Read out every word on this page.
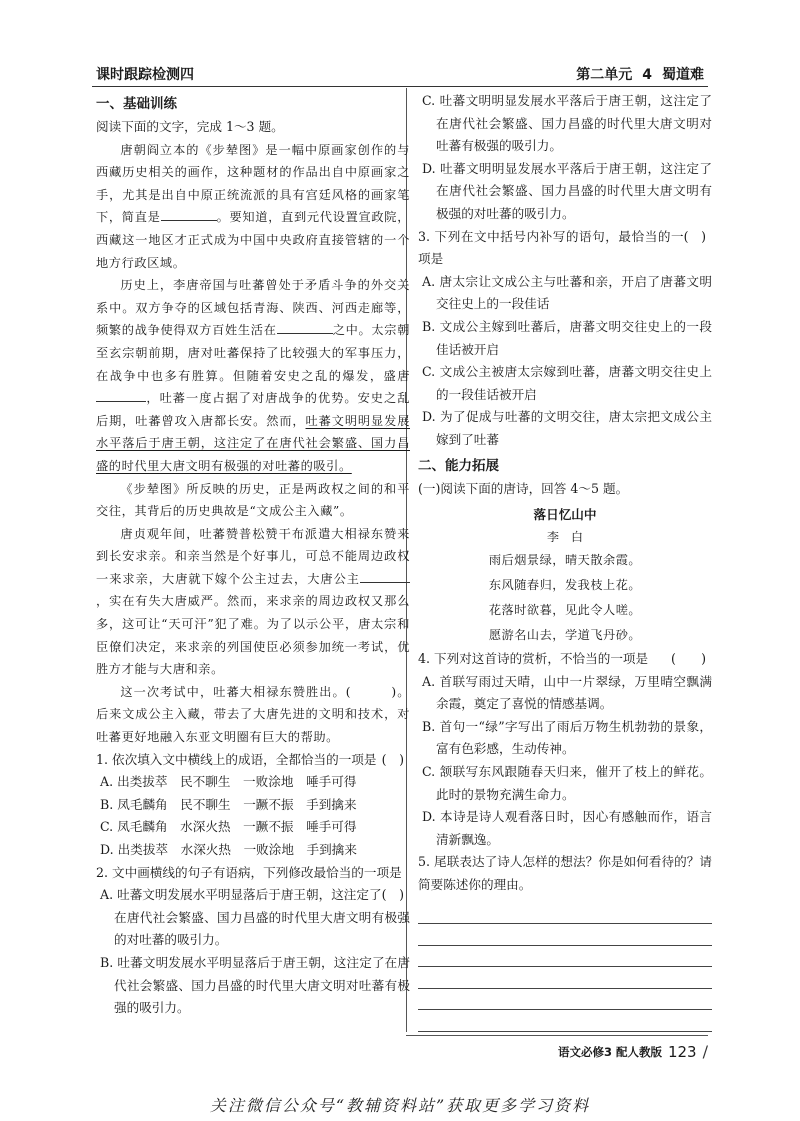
课时跟踪检测四	第二单元 4 蜀道难
一、基础训练

阅读下面的文字，完成 1～3 题。

唐朝阎立本的《步辇图》是一幅中原画家创作的与西藏历史相关的画作，这种题材的作品出自中原画家之手，尤其是出自中原正统流派的具有宫廷风格的画家笔下，简直是	。要知道，直到元代设置宣政院，西藏这一地区才正式成为中国中央政府直接管辖的一个地方行政区域。

历史上，李唐帝国与吐蕃曾处于矛盾斗争的外交关系中。双方争夺的区域包括青海、陕西、河西走廊等，频繁的战争使得双方百姓生活在	之中。太宗朝至玄宗朝前期，唐对吐蕃保持了比较强大的军事压力，在战争中也多有胜算。但随着安史之乱的爆发，盛唐，吐蕃一度占据了对唐战争的优势。安史之乱后期，吐蕃曾攻入唐都长安。然而，吐蕃文明明显发展水平落后于唐王朝，这注定了在唐代社会繁盛、国力昌盛的时代里大唐文明有极强的对吐蕃的吸引。

《步辇图》所反映的历史，正是两政权之间的和平交往，其背后的历史典故是“文成公主入藏”。

唐贞观年间，吐蕃赞普松赞干布派遣大相禄东赞来到长安求亲。和亲当然是个好事儿，可总不能周边政权一来求亲，大唐就下嫁个公主过去，大唐公主，实在有失大唐威严。然而，来求亲的周边政权又那么多，这可让“天可汗”犯了难。为了以示公平，唐太宗和臣僚们决定，来求亲的列国使臣必须参加统一考试，优胜方才能与大唐和亲。

这一次考试中，吐蕃大相禄东赞胜出。(　　　)。后来文成公主入藏，带去了大唐先进的文明和技术，对吐蕃更好地融入东亚文明圈有巨大的帮助。

(　)
1. 依次填入文中横线上的成语，全都恰当的一项是

A. 出类拔萃　民不聊生　一败涂地　唾手可得

B. 凤毛麟角　民不聊生　一蹶不振　手到擒来

C. 凤毛麟角　水深火热　一蹶不振　唾手可得

D. 出类拔萃　水深火热　一败涂地　手到擒来

2. 文中画横线的句子有语病，下列修改最恰当的一项是
(　)

A. 吐蕃文明发展水平明显落后于唐王朝，这注定了在唐代社会繁盛、国力昌盛的时代里大唐文明有极强的对吐蕃的吸引力。

B. 吐蕃文明发展水平明显落后于唐王朝，这注定了在唐代社会繁盛、国力昌盛的时代里大唐文明对吐蕃有极强的吸引力。

C. 吐蕃文明明显发展水平落后于唐王朝，这注定了在唐代社会繁盛、国力昌盛的时代里大唐文明对吐蕃有极强的吸引力。

D. 吐蕃文明明显发展水平落后于唐王朝，这注定了在唐代社会繁盛、国力昌盛的时代里大唐文明有极强的对吐蕃的吸引力。

(　)
3. 下列在文中括号内补写的语句，最恰当的一项是

A. 唐太宗让文成公主与吐蕃和亲，开启了唐蕃文明交往史上的一段佳话

B. 文成公主嫁到吐蕃后，唐蕃文明交往史上的一段佳话被开启

C. 文成公主被唐太宗嫁到吐蕃，唐蕃文明交往史上的一段佳话被开启

D. 为了促成与吐蕃的文明交往，唐太宗把文成公主嫁到了吐蕃

二、能力拓展

(一)阅读下面的唐诗，回答 4～5 题。

落日忆山中
李　白
雨后烟景绿，晴天散余霞。
东风随春归，发我枝上花。
花落时欲暮，见此令人嗟。
愿游名山去，学道飞丹砂。

(　　)
4. 下列对这首诗的赏析，不恰当的一项是

A. 首联写雨过天晴，山中一片翠绿，万里晴空飘满余霞，奠定了喜悦的情感基调。

B. 首句一“绿”字写出了雨后万物生机勃勃的景象，富有色彩感，生动传神。

C. 颔联写东风跟随春天归来，催开了枝上的鲜花。此时的景物充满生命力。

D. 本诗是诗人观看落日时，因心有感触而作，语言清新飘逸。

5. 尾联表达了诗人怎样的想法？你是如何看待的？请简要陈述你的理由。

语文必修3 配人教版 123 /
关注微信公众号“教辅资料站”获取更多学习资料
